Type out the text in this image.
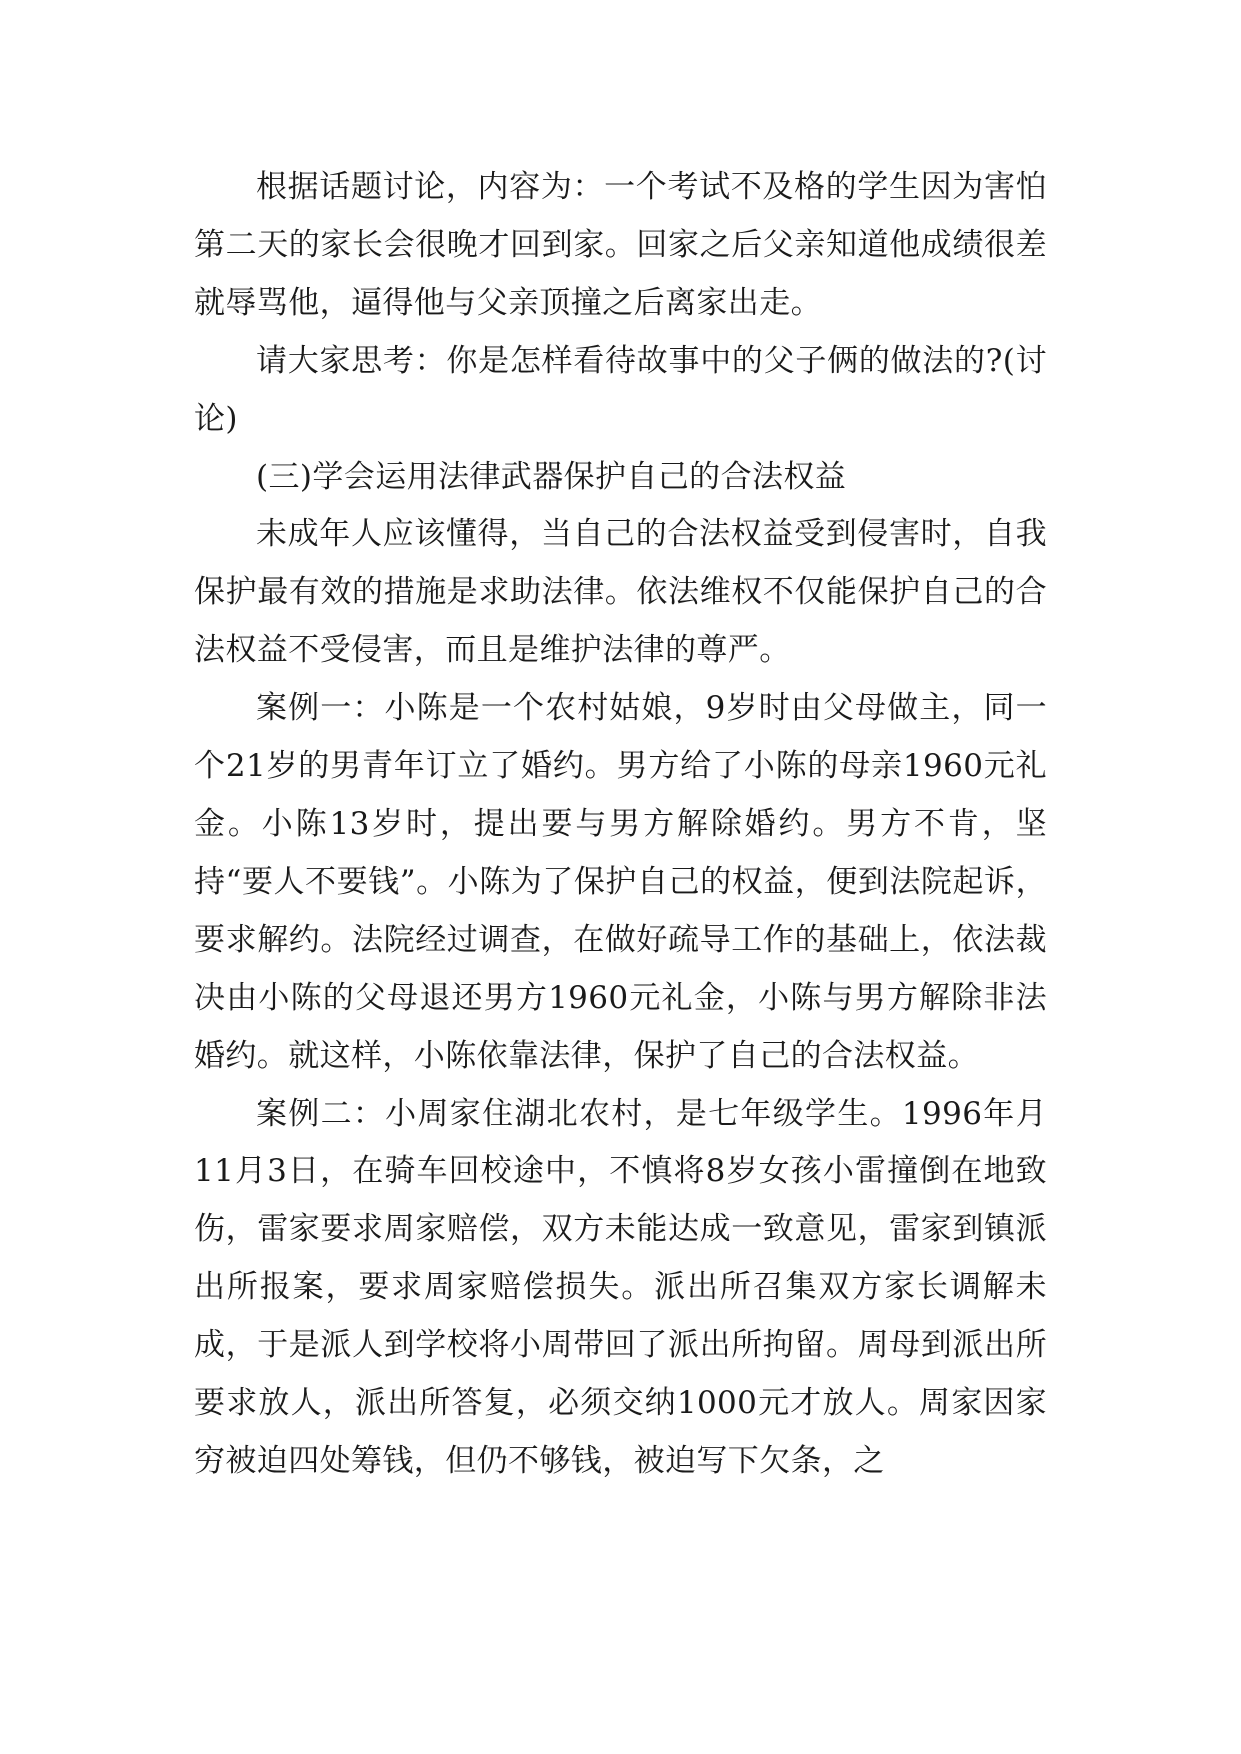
根据话题讨论，内容为：一个考试不及格的学生因为害怕第二天的家长会很晚才回到家。回家之后父亲知道他成绩很差就辱骂他，逼得他与父亲顶撞之后离家出走。

请大家思考：你是怎样看待故事中的父子俩的做法的?(讨论)

(三)学会运用法律武器保护自己的合法权益

未成年人应该懂得，当自己的合法权益受到侵害时，自我保护最有效的措施是求助法律。依法维权不仅能保护自己的合法权益不受侵害，而且是维护法律的尊严。

案例一：小陈是一个农村姑娘，9岁时由父母做主，同一个21岁的男青年订立了婚约。男方给了小陈的母亲1960元礼金。小陈13岁时，提出要与男方解除婚约。男方不肯，坚持“要人不要钱”。小陈为了保护自己的权益，便到法院起诉，要求解约。法院经过调查，在做好疏导工作的基础上，依法裁决由小陈的父母退还男方1960元礼金，小陈与男方解除非法婚约。就这样，小陈依靠法律，保护了自己的合法权益。

案例二：小周家住湖北农村，是七年级学生。1996年月11月3日，在骑车回校途中，不慎将8岁女孩小雷撞倒在地致伤，雷家要求周家赔偿，双方未能达成一致意见，雷家到镇派出所报案，要求周家赔偿损失。派出所召集双方家长调解未成，于是派人到学校将小周带回了派出所拘留。周母到派出所要求放人，派出所答复，必须交纳1000元才放人。周家因家穷被迫四处筹钱，但仍不够钱，被迫写下欠条，之
